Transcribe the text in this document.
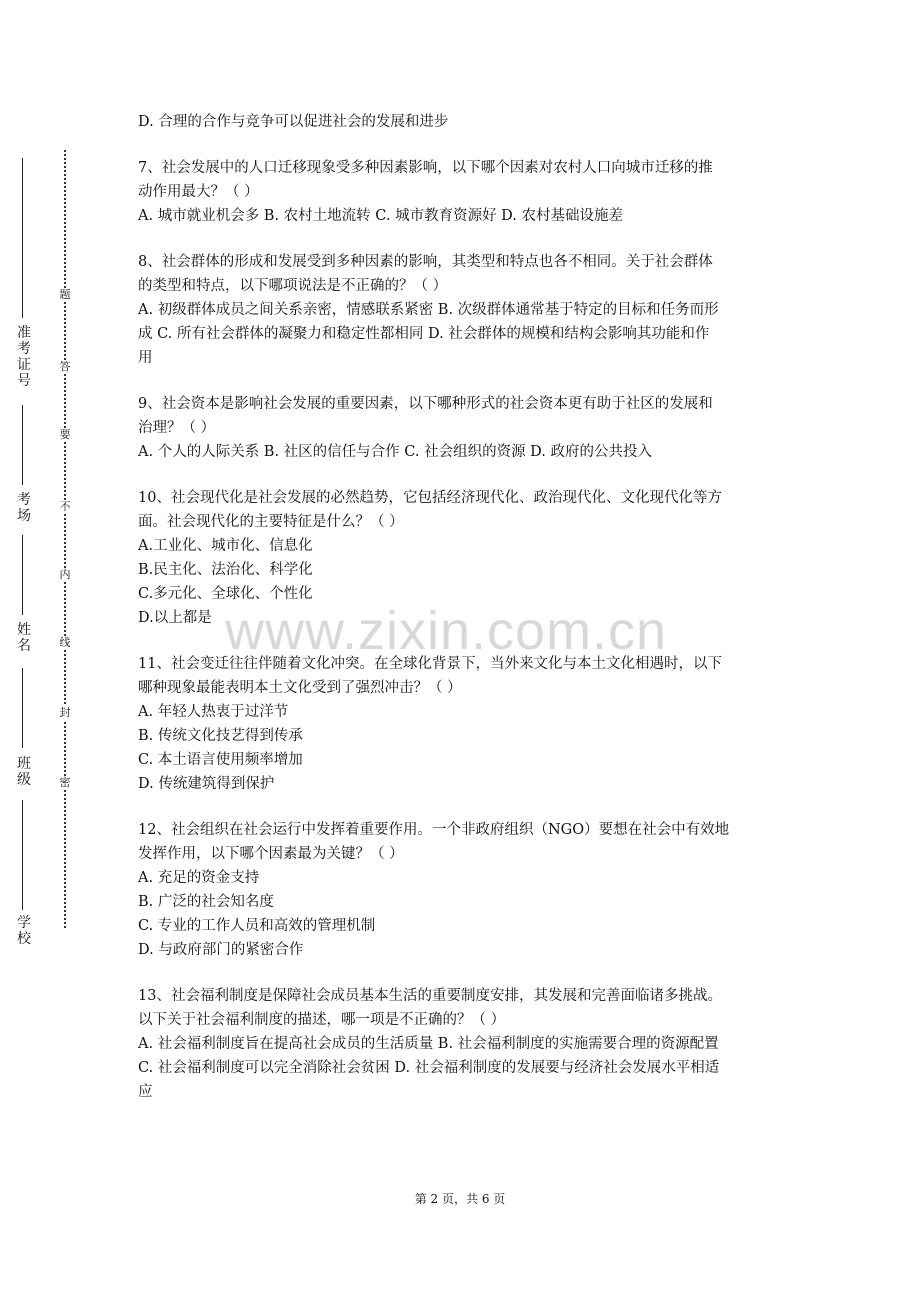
准
考
证
号
考
场
姓
名
班
级
学
校
题
答
要
不
内
线
封
密
www.zixin.com.cn
D. 合理的合作与竞争可以促进社会的发展和进步
7、社会发展中的人口迁移现象受多种因素影响，以下哪个因素对农村人口向城市迁移的推
动作用最大？（ ）
A. 城市就业机会多 B. 农村土地流转 C. 城市教育资源好 D. 农村基础设施差
8、社会群体的形成和发展受到多种因素的影响，其类型和特点也各不相同。关于社会群体
的类型和特点，以下哪项说法是不正确的？（ ）
A. 初级群体成员之间关系亲密，情感联系紧密 B. 次级群体通常基于特定的目标和任务而形
成 C. 所有社会群体的凝聚力和稳定性都相同 D. 社会群体的规模和结构会影响其功能和作
用
9、社会资本是影响社会发展的重要因素，以下哪种形式的社会资本更有助于社区的发展和
治理？（ ）
A. 个人的人际关系 B. 社区的信任与合作 C. 社会组织的资源 D. 政府的公共投入
10、社会现代化是社会发展的必然趋势，它包括经济现代化、政治现代化、文化现代化等方
面。社会现代化的主要特征是什么？（ ）
A.工业化、城市化、信息化
B.民主化、法治化、科学化
C.多元化、全球化、个性化
D.以上都是
11、社会变迁往往伴随着文化冲突。在全球化背景下，当外来文化与本土文化相遇时，以下
哪种现象最能表明本土文化受到了强烈冲击？（ ）
A. 年轻人热衷于过洋节
B. 传统文化技艺得到传承
C. 本土语言使用频率增加
D. 传统建筑得到保护
12、社会组织在社会运行中发挥着重要作用。一个非政府组织（NGO）要想在社会中有效地
发挥作用，以下哪个因素最为关键？（ ）
A. 充足的资金支持
B. 广泛的社会知名度
C. 专业的工作人员和高效的管理机制
D. 与政府部门的紧密合作
13、社会福利制度是保障社会成员基本生活的重要制度安排，其发展和完善面临诸多挑战。
以下关于社会福利制度的描述，哪一项是不正确的？（ ）
A. 社会福利制度旨在提高社会成员的生活质量 B. 社会福利制度的实施需要合理的资源配置
C. 社会福利制度可以完全消除社会贫困 D. 社会福利制度的发展要与经济社会发展水平相适
应
第 2 页，共 6 页
